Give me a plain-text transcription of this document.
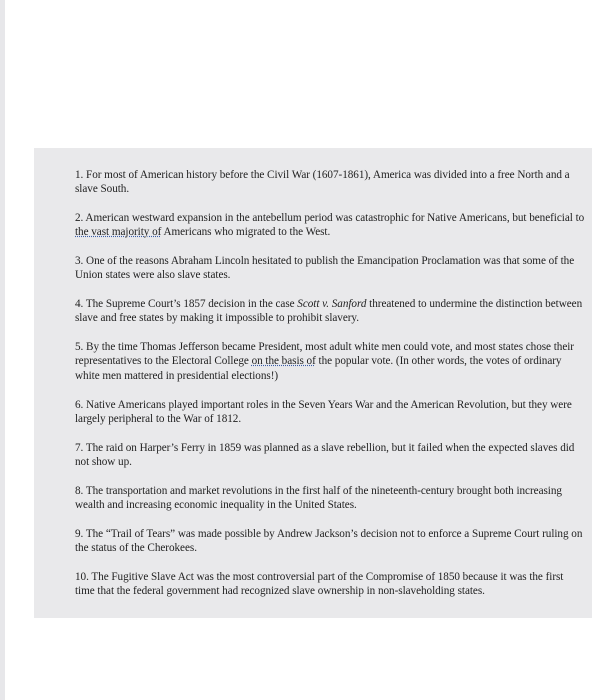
1. For most of American history before the Civil War (1607-1861), America was divided into a free North and a slave South.

2. American westward expansion in the antebellum period was catastrophic for Native Americans, but beneficial to the vast majority of Americans who migrated to the West.

3. One of the reasons Abraham Lincoln hesitated to publish the Emancipation Proclamation was that some of the Union states were also slave states.

4. The Supreme Court’s 1857 decision in the case Scott v. Sanford threatened to undermine the distinction between slave and free states by making it impossible to prohibit slavery.

5. By the time Thomas Jefferson became President, most adult white men could vote, and most states chose their representatives to the Electoral College on the basis of the popular vote. (In other words, the votes of ordinary white men mattered in presidential elections!)

6. Native Americans played important roles in the Seven Years War and the American Revolution, but they were largely peripheral to the War of 1812.

7. The raid on Harper’s Ferry in 1859 was planned as a slave rebellion, but it failed when the expected slaves did not show up.

8. The transportation and market revolutions in the first half of the nineteenth-century brought both increasing wealth and increasing economic inequality in the United States.

9. The “Trail of Tears” was made possible by Andrew Jackson’s decision not to enforce a Supreme Court ruling on the status of the Cherokees.

10. The Fugitive Slave Act was the most controversial part of the Compromise of 1850 because it was the first time that the federal government had recognized slave ownership in non-slaveholding states.
